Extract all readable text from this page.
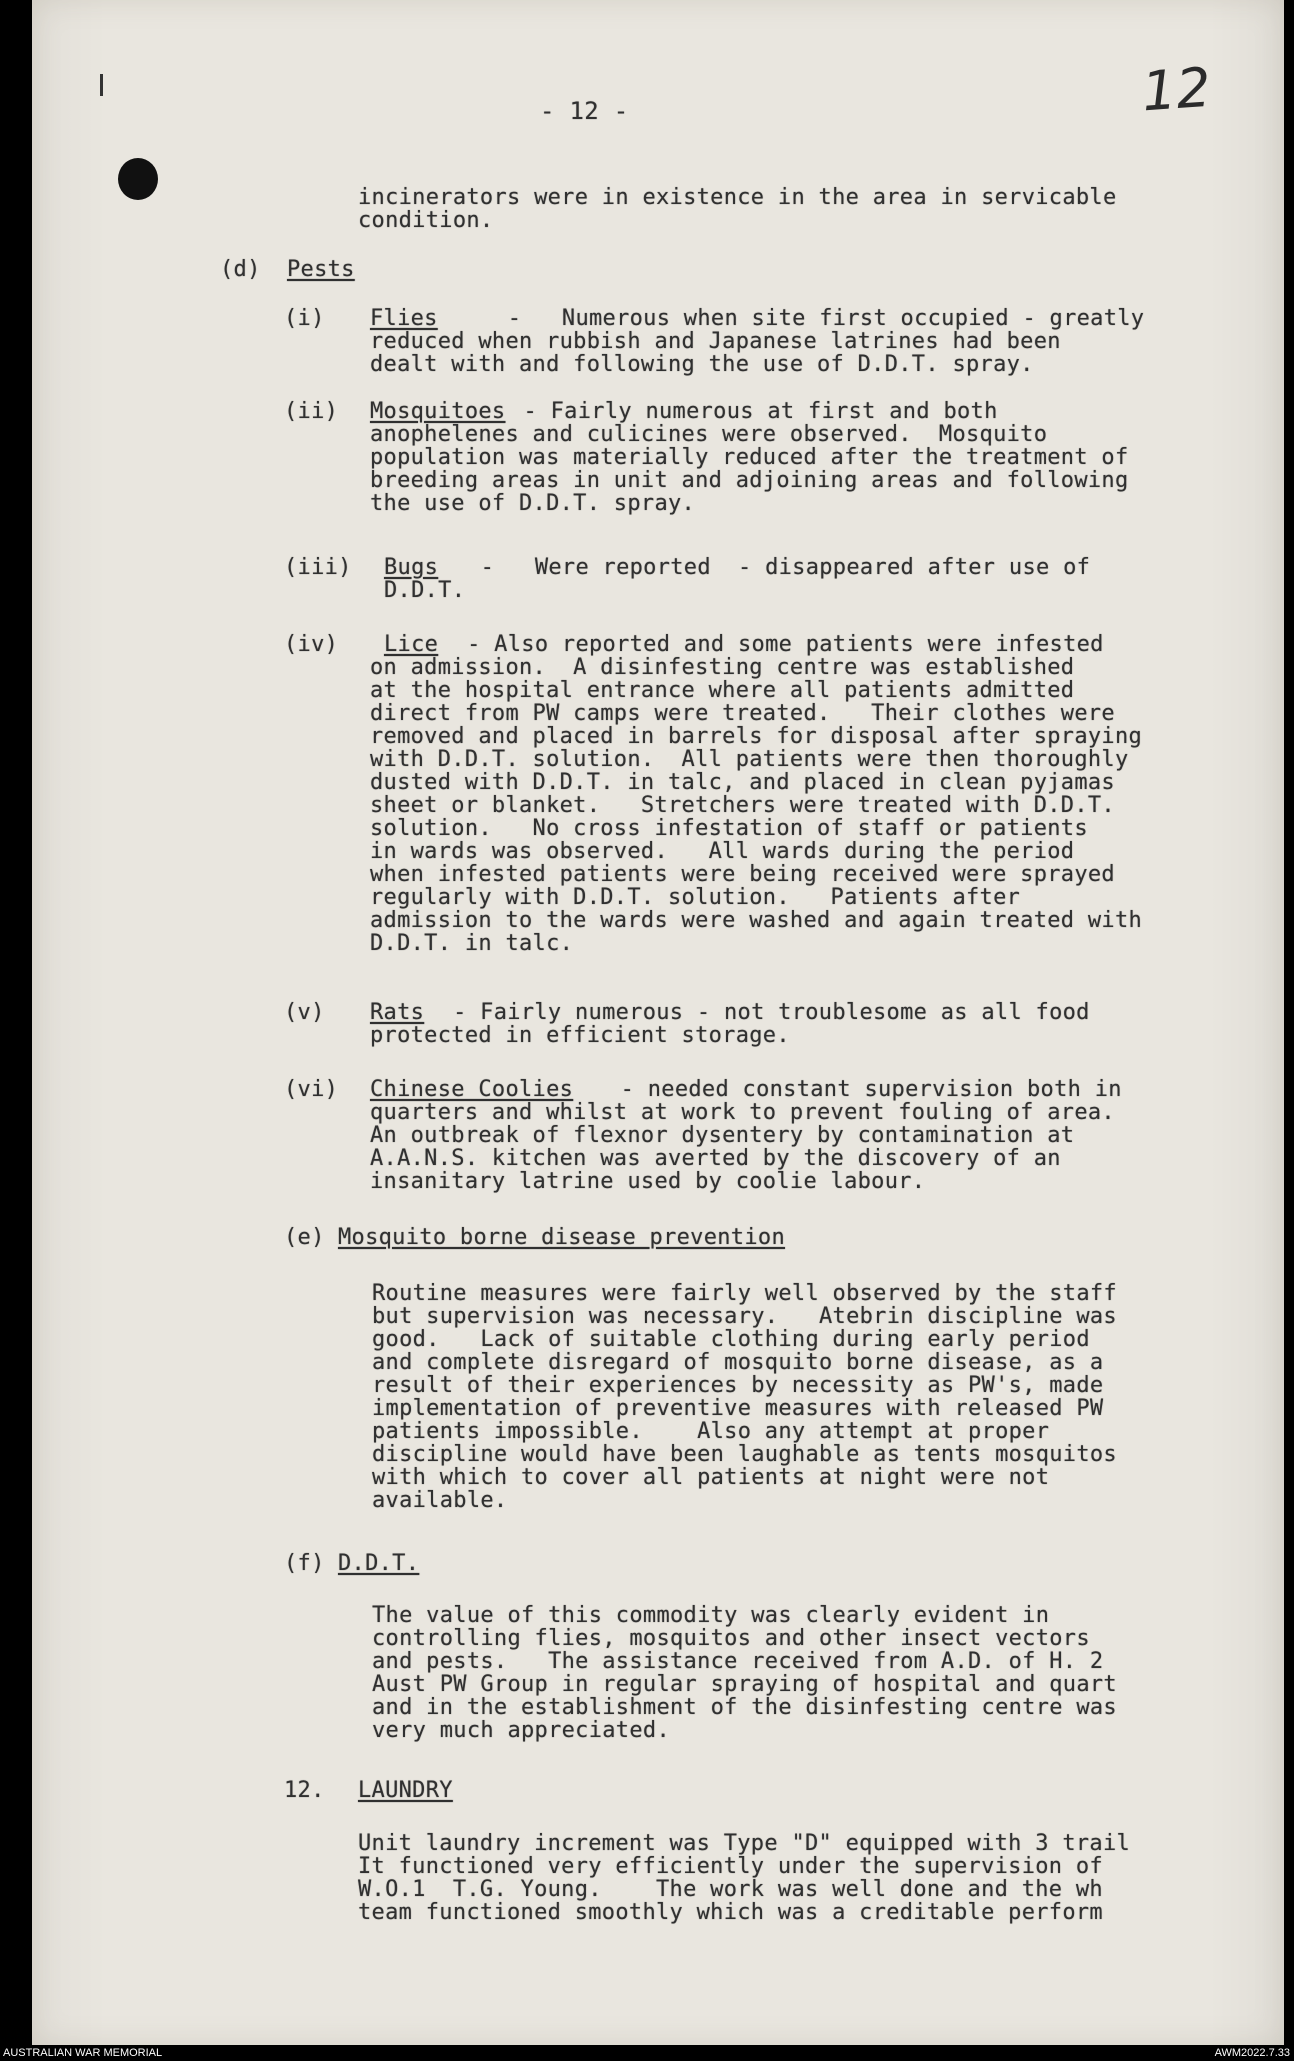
12
- 12 -
incinerators were in existence in the area in servicable
condition.
(d) Pests
(i) Flies -   Numerous when site first occupied - greatly
reduced when rubbish and Japanese latrines had been
dealt with and following the use of D.D.T. spray.
(ii) Mosquitoes - Fairly numerous at first and both
anophelenes and culicines were observed.  Mosquito
population was materially reduced after the treatment of
breeding areas in unit and adjoining areas and following
the use of D.D.T. spray.
(iii) Bugs -   Were reported  - disappeared after use of
D.D.T.
(iv) Lice - Also reported and some patients were infested
on admission.  A disinfesting centre was established
at the hospital entrance where all patients admitted
direct from PW camps were treated.   Their clothes were
removed and placed in barrels for disposal after spraying
with D.D.T. solution.  All patients were then thoroughly
dusted with D.D.T. in talc, and placed in clean pyjamas
sheet or blanket.   Stretchers were treated with D.D.T.
solution.   No cross infestation of staff or patients
in wards was observed.   All wards during the period
when infested patients were being received were sprayed
regularly with D.D.T. solution.   Patients after
admission to the wards were washed and again treated with
D.D.T. in talc.
(v) Rats - Fairly numerous - not troublesome as all food
protected in efficient storage.
(vi) Chinese Coolies - needed constant supervision both in
quarters and whilst at work to prevent fouling of area.
An outbreak of flexnor dysentery by contamination at
A.A.N.S. kitchen was averted by the discovery of an
insanitary latrine used by coolie labour.
(e) Mosquito borne disease prevention
Routine measures were fairly well observed by the staff
but supervision was necessary.   Atebrin discipline was
good.   Lack of suitable clothing during early period
and complete disregard of mosquito borne disease, as a
result of their experiences by necessity as PW's, made
implementation of preventive measures with released PW
patients impossible.    Also any attempt at proper
discipline would have been laughable as tents mosquitos
with which to cover all patients at night were not
available.
(f) D.D.T.
The value of this commodity was clearly evident in
controlling flies, mosquitos and other insect vectors
and pests.   The assistance received from A.D. of H. 2
Aust PW Group in regular spraying of hospital and quart
and in the establishment of the disinfesting centre was
very much appreciated.
12. LAUNDRY
Unit laundry increment was Type "D" equipped with 3 trail
It functioned very efficiently under the supervision of
W.O.1  T.G. Young.    The work was well done and the wh
team functioned smoothly which was a creditable perform
AUSTRALIAN WAR MEMORIAL	AWM2022.7.33
